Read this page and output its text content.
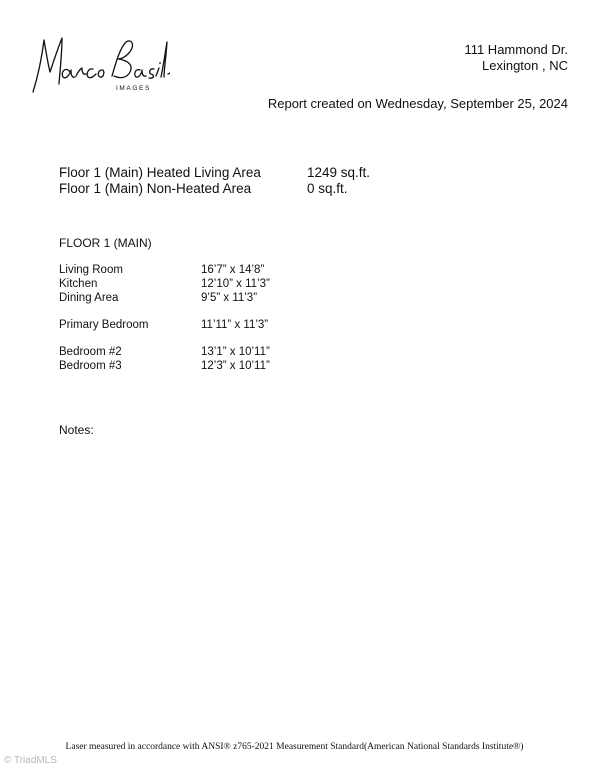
IMAGES
111 Hammond Dr.
Lexington , NC
Report created on Wednesday, September 25, 2024
Floor 1 (Main) Heated Living Area	1249 sq.ft.
Floor 1 (Main) Non-Heated Area	0 sq.ft.
FLOOR 1 (MAIN)
Living Room	16’7” x 14’8”
Kitchen	12’10” x 11’3”
Dining Area	9’5” x 11’3”
Primary Bedroom	11’11” x 11’3”
Bedroom #2	13’1” x 10’11”
Bedroom #3	12’3” x 10’11”
Notes:
Laser measured in accordance with ANSI® z765-2021 Measurement Standard(American National Standards Institute®)
© TriadMLS
